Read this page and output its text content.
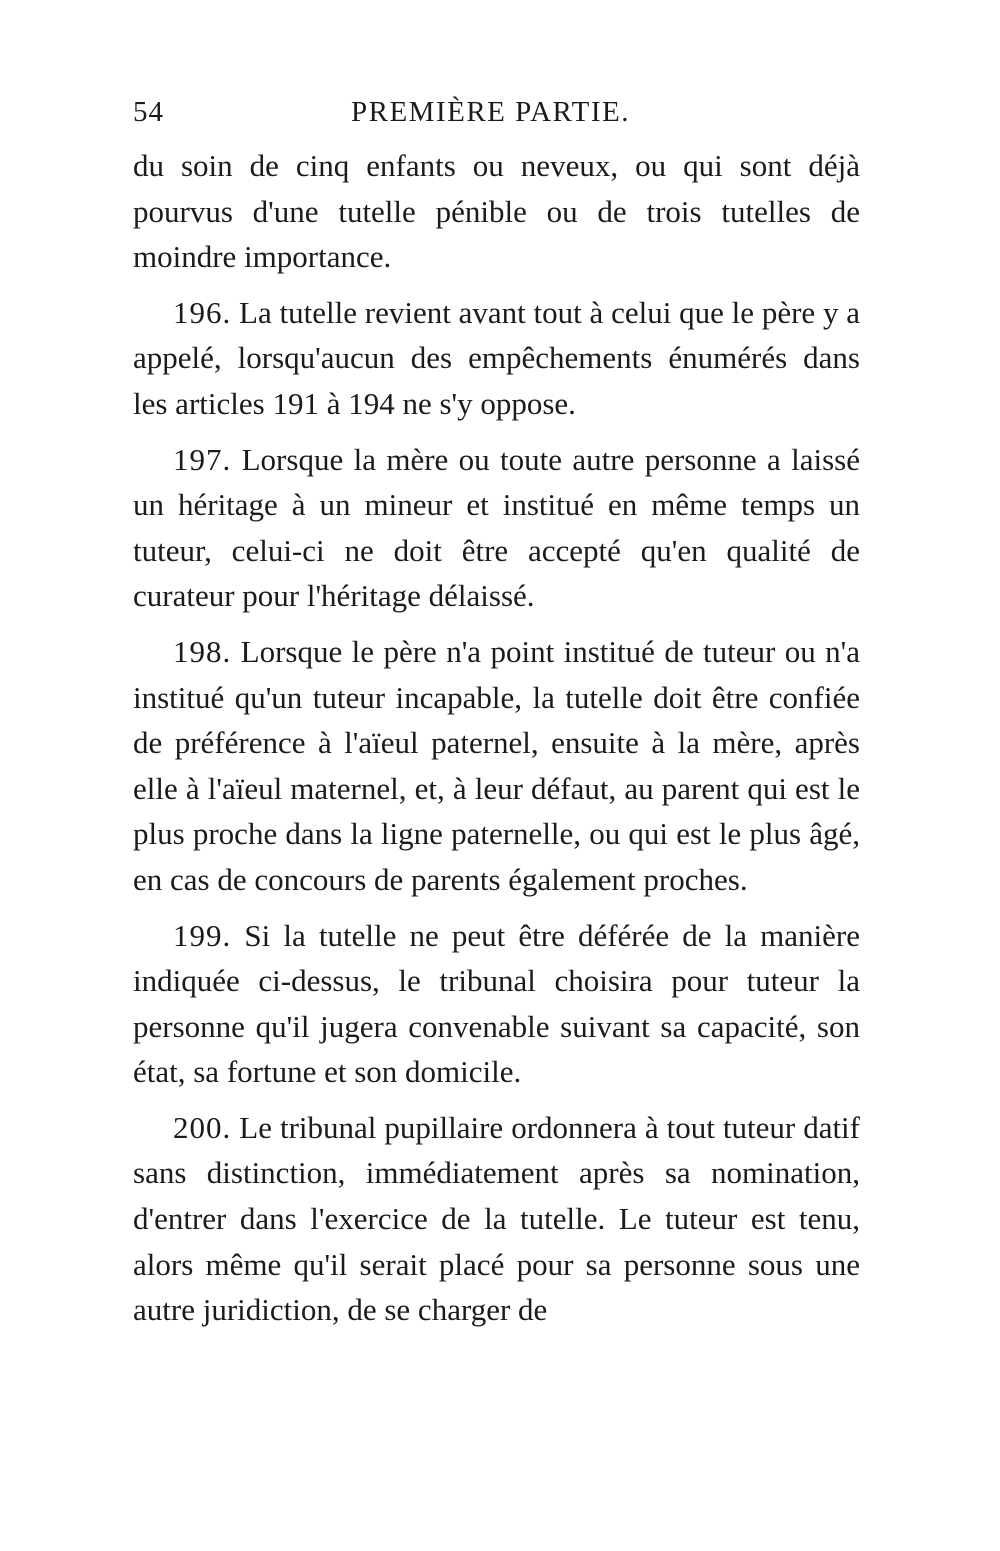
54	PREMIÈRE PARTIE.

du soin de cinq enfants ou neveux, ou qui sont déjà pourvus d'une tutelle pénible ou de trois tutelles de moindre importance.

196. La tutelle revient avant tout à celui que le père y a appelé, lorsqu'aucun des empêchements énumérés dans les articles 191 à 194 ne s'y oppose.

197. Lorsque la mère ou toute autre personne a laissé un héritage à un mineur et institué en même temps un tuteur, celui-ci ne doit être accepté qu'en qualité de curateur pour l'héritage délaissé.

198. Lorsque le père n'a point institué de tuteur ou n'a institué qu'un tuteur incapable, la tutelle doit être confiée de préférence à l'aïeul paternel, ensuite à la mère, après elle à l'aïeul maternel, et, à leur défaut, au parent qui est le plus proche dans la ligne paternelle, ou qui est le plus âgé, en cas de concours de parents également proches.

199. Si la tutelle ne peut être déférée de la manière indiquée ci-dessus, le tribunal choisira pour tuteur la personne qu'il jugera convenable suivant sa capacité, son état, sa fortune et son domicile.

200. Le tribunal pupillaire ordonnera à tout tuteur datif sans distinction, immédiatement après sa nomination, d'entrer dans l'exercice de la tutelle. Le tuteur est tenu, alors même qu'il serait placé pour sa personne sous une autre juridiction, de se charger de
